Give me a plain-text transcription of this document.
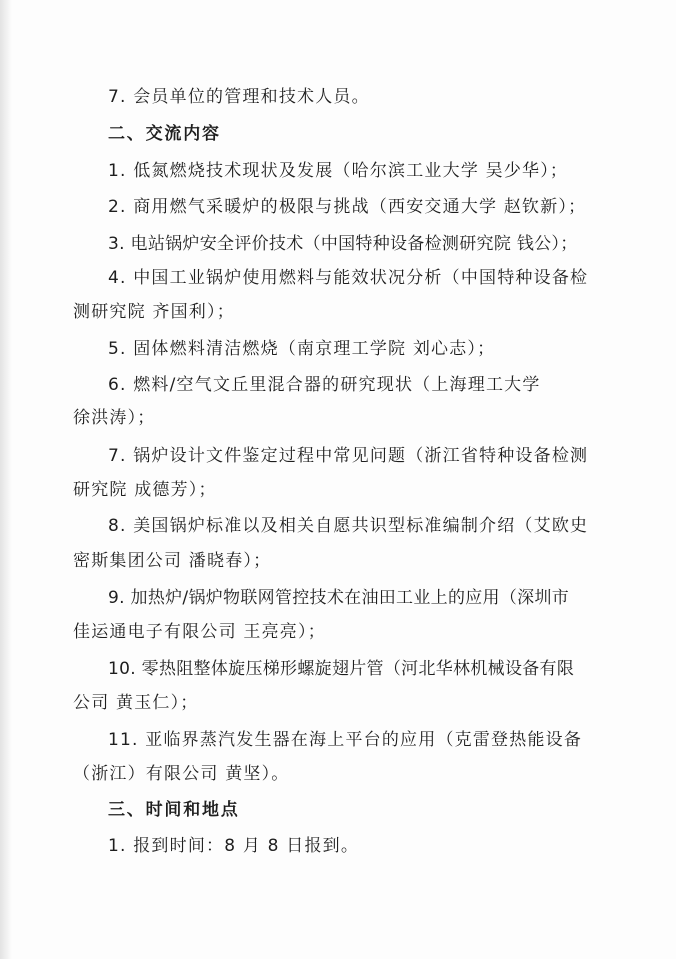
7. 会员单位的管理和技术人员。
二、交流内容
1. 低氮燃烧技术现状及发展（哈尔滨工业大学 吴少华）；
2. 商用燃气采暖炉的极限与挑战（西安交通大学 赵钦新）；
3. 电站锅炉安全评价技术（中国特种设备检测研究院 钱公）；
4. 中国工业锅炉使用燃料与能效状况分析（中国特种设备检
测研究院 齐国利）；
5. 固体燃料清洁燃烧（南京理工学院 刘心志）；
6. 燃料/空气文丘里混合器的研究现状（上海理工大学
徐洪涛）；
7. 锅炉设计文件鉴定过程中常见问题（浙江省特种设备检测
研究院 成德芳）；
8. 美国锅炉标准以及相关自愿共识型标准编制介绍（艾欧史
密斯集团公司 潘晓春）；
9. 加热炉/锅炉物联网管控技术在油田工业上的应用（深圳市
佳运通电子有限公司 王亮亮）；
10. 零热阻整体旋压梯形螺旋翅片管（河北华林机械设备有限
公司 黄玉仁）；
11. 亚临界蒸汽发生器在海上平台的应用（克雷登热能设备
（浙江）有限公司 黄坚）。
三、时间和地点
1. 报到时间：8 月 8 日报到。
